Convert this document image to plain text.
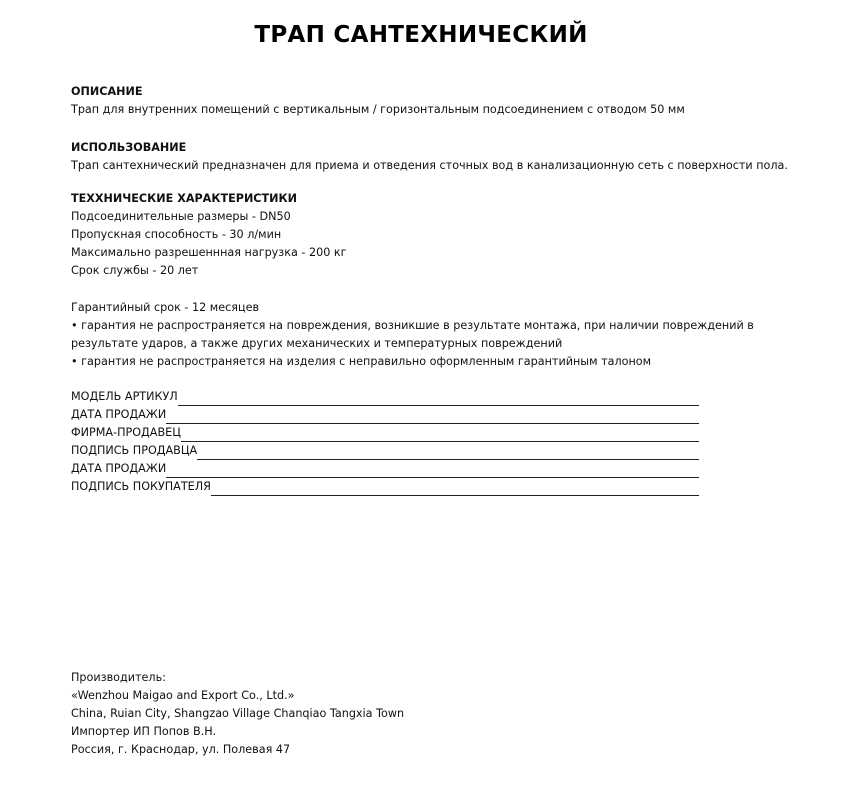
ТРАП САНТЕХНИЧЕСКИЙ
ОПИСАНИЕ
Трап для внутренних помещений с вертикальным / горизонтальным подсоединением с отводом 50 мм
ИСПОЛЬЗОВАНИЕ
Трап сантехнический предназначен для приема и отведения сточных вод в канализационную сеть с поверхности пола.
ТЕХХНИЧЕСКИЕ ХАРАКТЕРИСТИКИ
Подсоединительные размеры - DN50
Пропускная способность - 30 л/мин
Максимально разрешеннная нагрузка - 200 кг
Срок службы - 20 лет
Гарантийный срок - 12 месяцев
• гарантия не распространяется на повреждения, возникшие в результате монтажа, при наличии повреждений в результате ударов, а также других механических и температурных повреждений
• гарантия не распространяется на изделия с неправильно оформленным гарантийным талоном
МОДЕЛЬ АРТИКУЛ
ДАТА ПРОДАЖИ
ФИРМА-ПРОДАВЕЦ
ПОДПИСЬ ПРОДАВЦА
ДАТА ПРОДАЖИ
ПОДПИСЬ ПОКУПАТЕЛЯ
Производитель:
«Wenzhou Maigao and Export Co., Ltd.»
China, Ruian City, Shangzao Village Chanqiao Tangxia Town
Импортер ИП Попов В.Н.
Россия, г. Краснодар, ул. Полевая 47
